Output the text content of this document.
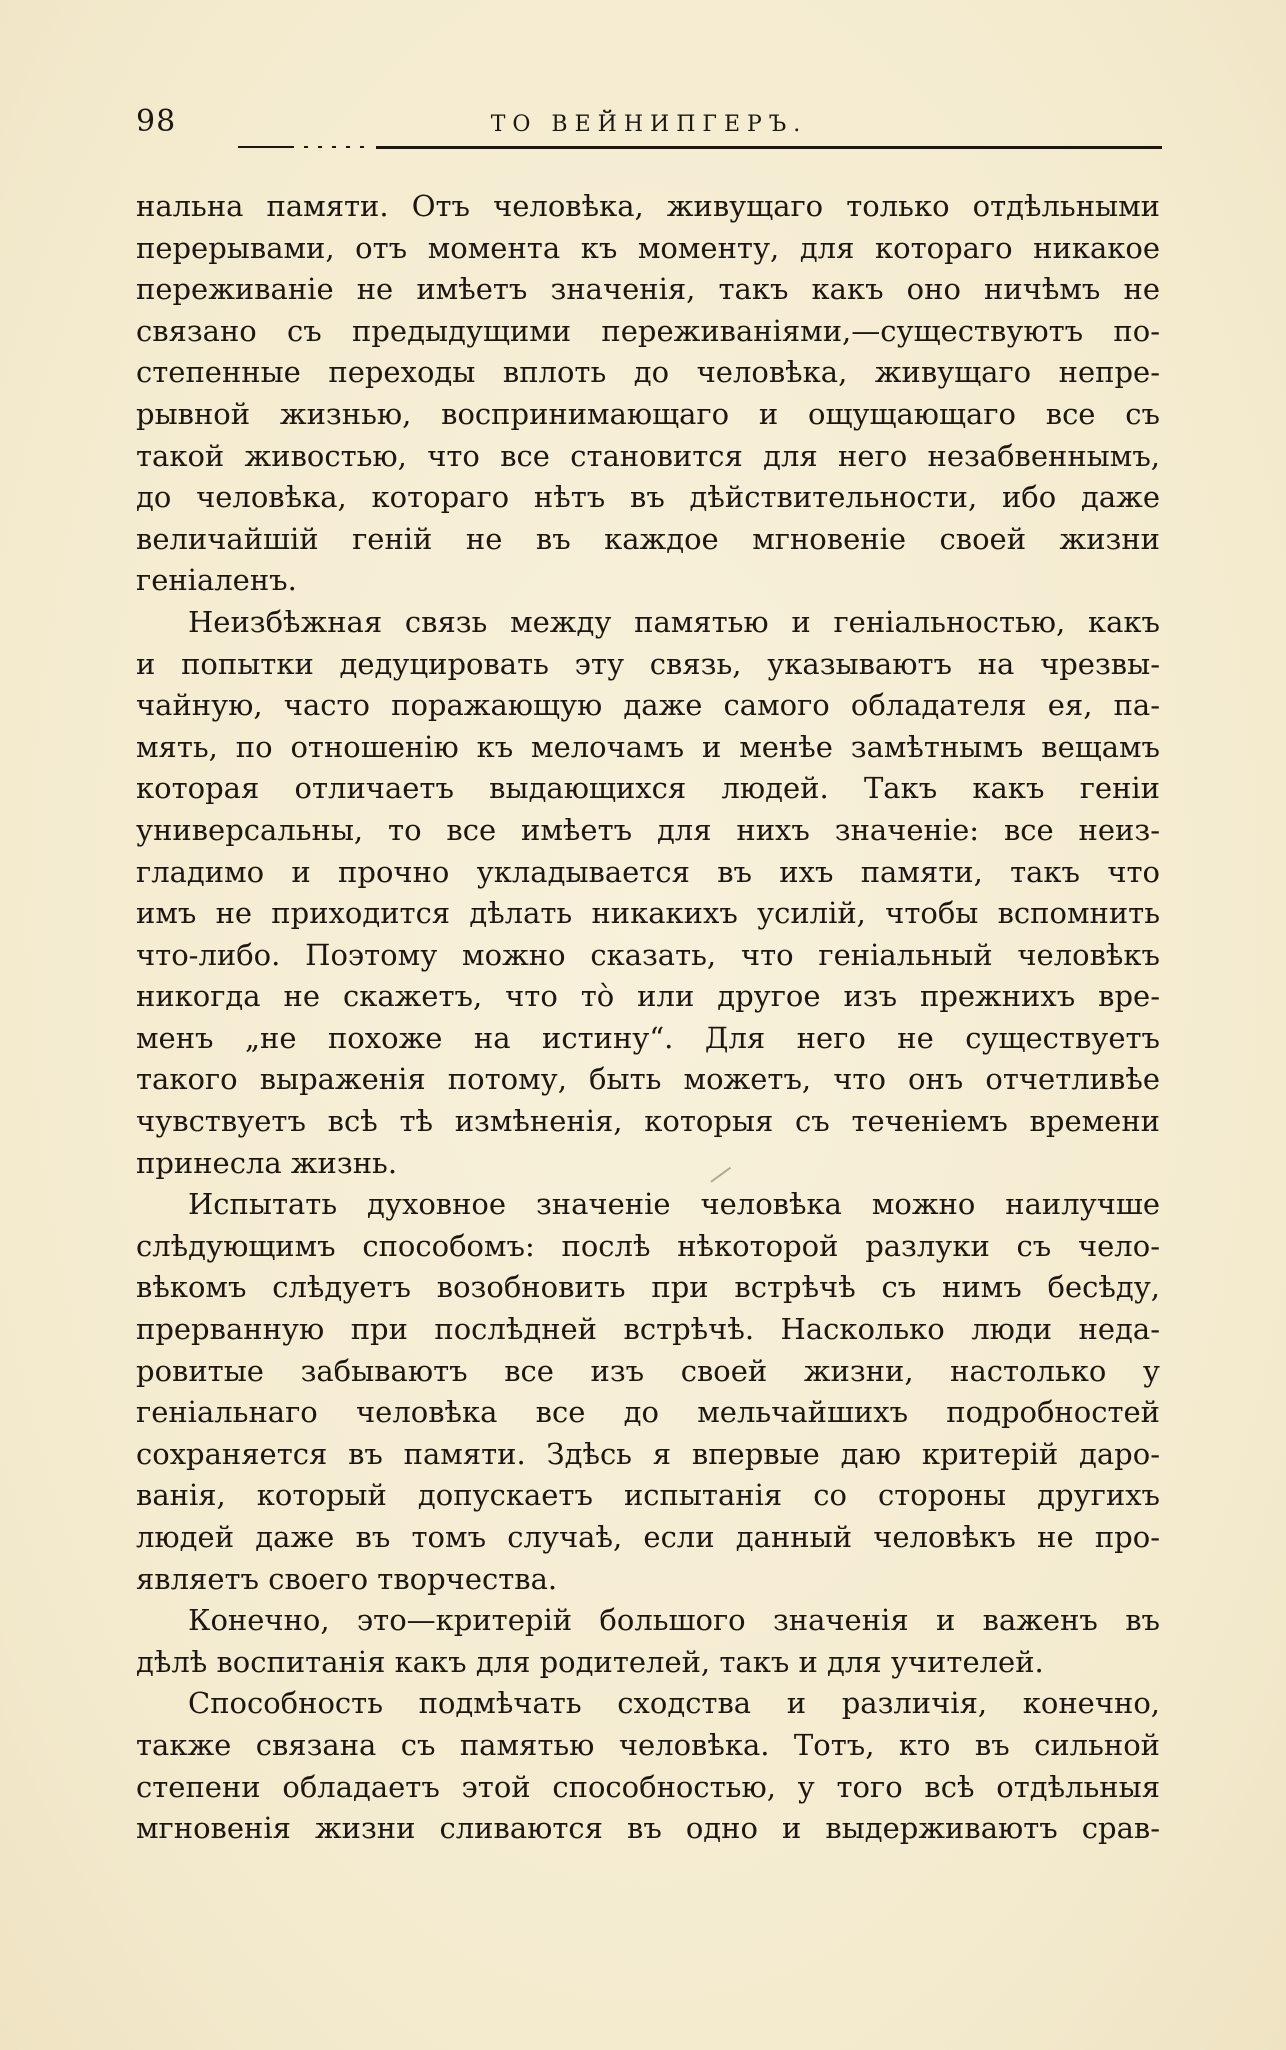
98	ТО ВЕЙНИПГЕРЪ.
нальна памяти. Отъ человѣка, живущаго только отдѣльными
перерывами, отъ момента къ моменту, для котораго никакое
переживаніе не имѣетъ значенія, такъ какъ оно ничѣмъ не
связано съ предыдущими переживаніями,—существуютъ по-
степенные переходы вплоть до человѣка, живущаго непре-
рывной жизнью, воспринимающаго и ощущающаго все съ
такой живостью, что все становится для него незабвеннымъ,
до человѣка, котораго нѣтъ въ дѣйствительности, ибо даже
величайшій геній не въ каждое мгновеніе своей жизни
геніаленъ.
Неизбѣжная связь между памятью и геніальностью, какъ
и попытки дедуцировать эту связь, указываютъ на чрезвы-
чайную, часто поражающую даже самого обладателя ея, па-
мять, по отношенію къ мелочамъ и менѣе замѣтнымъ вещамъ
которая отличаетъ выдающихся людей. Такъ какъ геніи
универсальны, то все имѣетъ для нихъ значеніе: все неиз-
гладимо и прочно укладывается въ ихъ памяти, такъ что
имъ не приходится дѣлать никакихъ усилій, чтобы вспомнить
что-либо. Поэтому можно сказать, что геніальный человѣкъ
никогда не скажетъ, что то̀ или другое изъ прежнихъ вре-
менъ „не похоже на истину“. Для него не существуетъ
такого выраженія потому, быть можетъ, что онъ отчетливѣе
чувствуетъ всѣ тѣ измѣненія, которыя съ теченіемъ времени
принесла жизнь.
Испытать духовное значеніе человѣка можно наилучше
слѣдующимъ способомъ: послѣ нѣкоторой разлуки съ чело-
вѣкомъ слѣдуетъ возобновить при встрѣчѣ съ нимъ бесѣду,
прерванную при послѣдней встрѣчѣ. Насколько люди неда-
ровитые забываютъ все изъ своей жизни, настолько у
геніальнаго человѣка все до мельчайшихъ подробностей
сохраняется въ памяти. Здѣсь я впервые даю критерій даро-
ванія, который допускаетъ испытанія со стороны другихъ
людей даже въ томъ случаѣ, если данный человѣкъ не про-
являетъ своего творчества.
Конечно, это—критерій большого значенія и важенъ въ
дѣлѣ воспитанія какъ для родителей, такъ и для учителей.
Способность подмѣчать сходства и различія, конечно,
также связана съ памятью человѣка. Тотъ, кто въ сильной
степени обладаетъ этой способностью, у того всѣ отдѣльныя
мгновенія жизни сливаются въ одно и выдерживаютъ срав-
